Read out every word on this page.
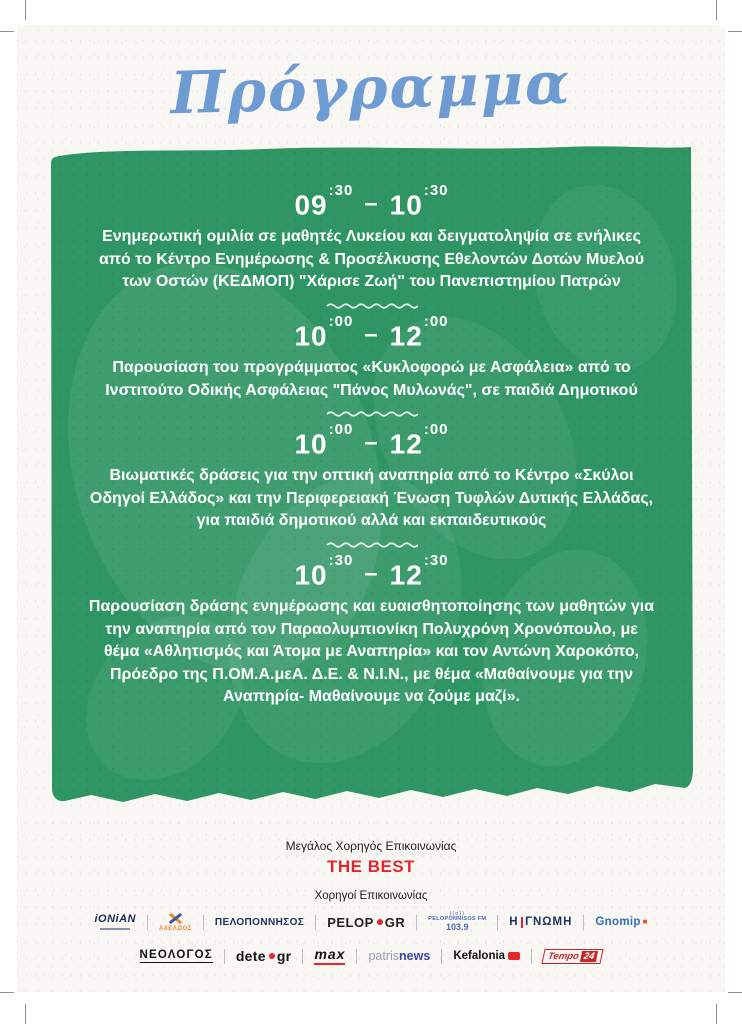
Πρόγραμμα
$09^{:30} - 10^{:30}$

Ενημερωτική ομιλία σε μαθητές Λυκείου και δειγματοληψία σε ενήλικες από το Κέντρο Ενημέρωσης & Προσέλκυσης Εθελοντών Δοτών Μυελού των Οστών (ΚΕΔΜΟΠ) "Χάρισε Ζωή" του Πανεπιστημίου Πατρών

$10^{:00} - 12^{:00}$

Παρουσίαση του προγράμματος «Κυκλοφορώ με Ασφάλεια» από το Ινστιτούτο Οδικής Ασφάλειας "Πάνος Μυλωνάς", σε παιδιά Δημοτικού

$10^{:00} - 12^{:00}$

Βιωματικές δράσεις για την οπτική αναπηρία από το Κέντρο «Σκύλοι Οδηγοί Ελλάδος» και την Περιφερειακή Ένωση Τυφλών Δυτικής Ελλάδας, για παιδιά δημοτικού αλλά και εκπαιδευτικούς

$10^{:30} - 12^{:30}$

Παρουσίαση δράσης ενημέρωσης και ευαισθητοποίησης των μαθητών για την αναπηρία από τον Παραολυμπιονίκη Πολυχρόνη Χρονόπουλο, με θέμα «Αθλητισμός και Άτομα με Αναπηρία» και τον Αντώνη Χαροκόπο, Πρόεδρο της Π.ΟΜ.Α.μεΑ. Δ.Ε. & Ν.Ι.Ν., με θέμα «Μαθαίνουμε για την Αναπηρία- Μαθαίνουμε να ζούμε μαζί».

Μεγάλος Χορηγός Επικοινωνίας
THE BEST
Χορηγοί Επικοινωνίας
iONiAN
ΑΧΕΛΩΟΣ
ΠΕΛΟΠΟΝΝΗΣΟΣ PELOP GR
((o))
PELOPONNISOS FM
103.9	Η ΓΝΩΜΗ Gnomip ■
ΝΕΟΛΟΓΟΣ dete gr max patris news Kefalonia	Tempo 24
